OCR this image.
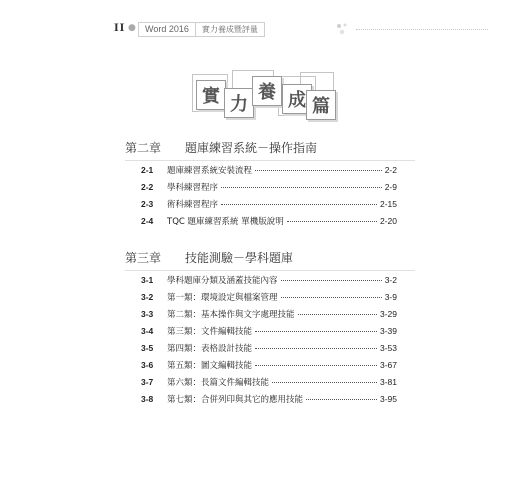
II ●	Word 2016	實力養成暨評量
實 力
養 成 篇
第二章	題庫練習系統－操作指南
2-1	題庫練習系統安裝流程	2-2
2-2	學科練習程序	2-9
2-3	術科練習程序	2-15
2-4	TQC 題庫練習系統 單機版說明	2-20
第三章	技能測驗－學科題庫
3-1	學科題庫分類及涵蓋技能內容	3-2
3-2	第一類：環境設定與檔案管理	3-9
3-3	第二類：基本操作與文字處理技能	3-29
3-4	第三類：文件編輯技能	3-39
3-5	第四類：表格設計技能	3-53
3-6	第五類：圖文編輯技能	3-67
3-7	第六類：長篇文件編輯技能	3-81
3-8	第七類：合併列印與其它的應用技能	3-95
